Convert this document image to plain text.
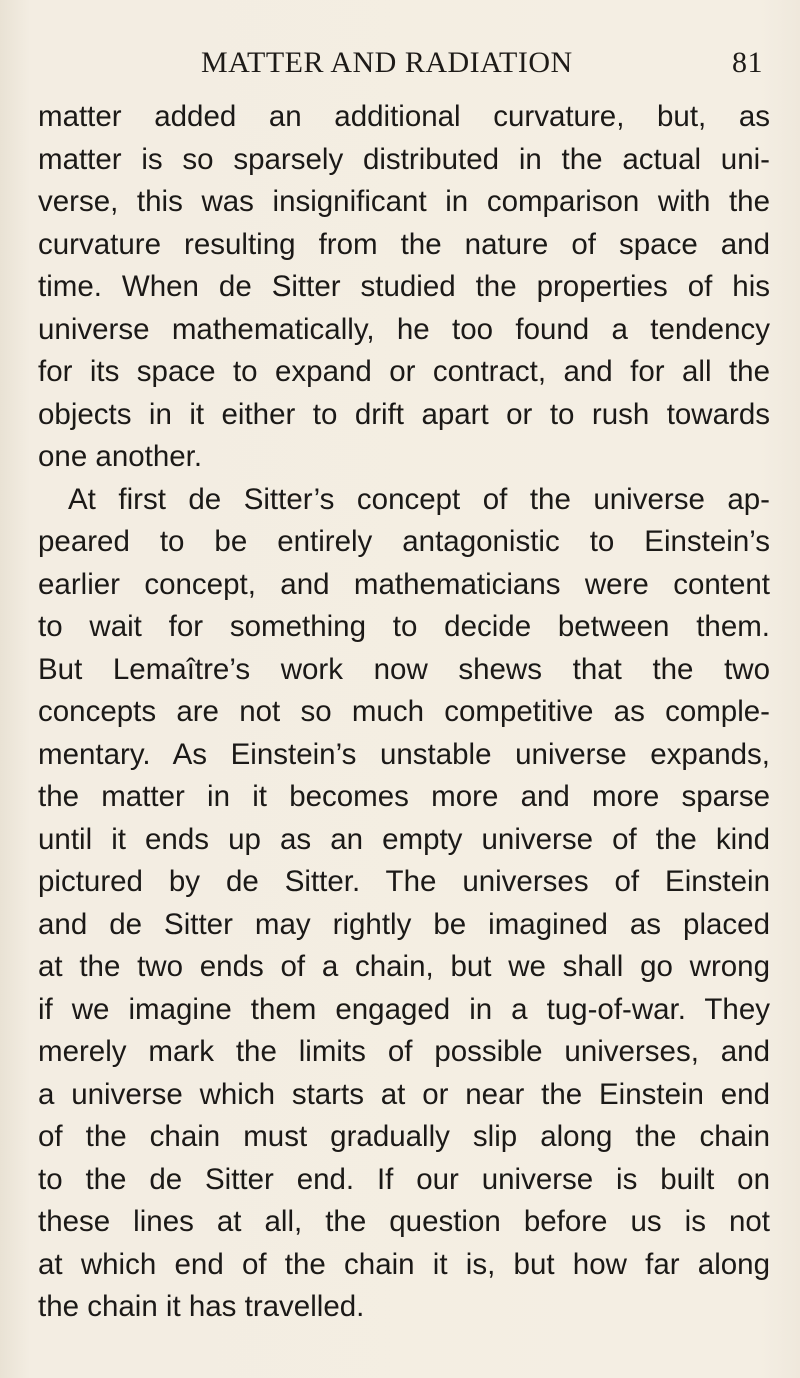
MATTER AND RADIATION	81
matter added an additional curvature, but, as
matter is so sparsely distributed in the actual uni-
verse, this was insignificant in comparison with the
curvature resulting from the nature of space and
time. When de Sitter studied the properties of his
universe mathematically, he too found a tendency
for its space to expand or contract, and for all the
objects in it either to drift apart or to rush towards
one another.
At first de Sitter’s concept of the universe ap-
peared to be entirely antagonistic to Einstein’s
earlier concept, and mathematicians were content
to wait for something to decide between them.
But Lemaître’s work now shews that the two
concepts are not so much competitive as comple-
mentary. As Einstein’s unstable universe expands,
the matter in it becomes more and more sparse
until it ends up as an empty universe of the kind
pictured by de Sitter. The universes of Einstein
and de Sitter may rightly be imagined as placed
at the two ends of a chain, but we shall go wrong
if we imagine them engaged in a tug-of-war. They
merely mark the limits of possible universes, and
a universe which starts at or near the Einstein end
of the chain must gradually slip along the chain
to the de Sitter end. If our universe is built on
these lines at all, the question before us is not
at which end of the chain it is, but how far along
the chain it has travelled.
